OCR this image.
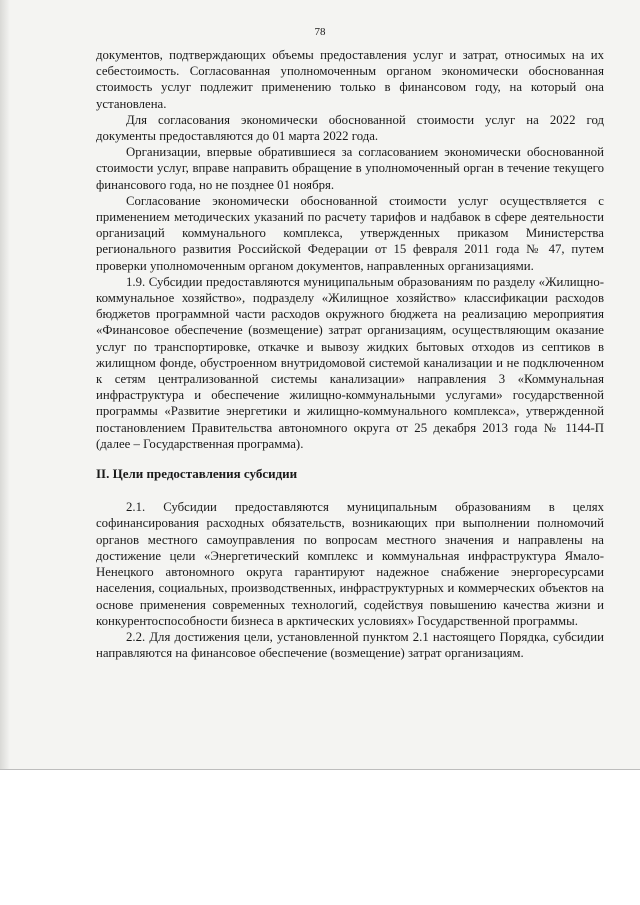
78

документов, подтверждающих объемы предоставления услуг и затрат, относимых на их себестоимость. Согласованная уполномоченным органом экономически обоснованная стоимость услуг подлежит применению только в финансовом году, на который она установлена.

Для согласования экономически обоснованной стоимости услуг на 2022 год документы предоставляются до 01 марта 2022 года.

Организации, впервые обратившиеся за согласованием экономически обоснованной стоимости услуг, вправе направить обращение в уполномоченный орган в течение текущего финансового года, но не позднее 01 ноября.

Согласование экономически обоснованной стоимости услуг осуществляется с применением методических указаний по расчету тарифов и надбавок в сфере деятельности организаций коммунального комплекса, утвержденных приказом Министерства регионального развития Российской Федерации от 15 февраля 2011 года № 47, путем проверки уполномоченным органом документов, направленных организациями.

1.9. Субсидии предоставляются муниципальным образованиям по разделу «Жилищно-коммунальное хозяйство», подразделу «Жилищное хозяйство» классификации расходов бюджетов программной части расходов окружного бюджета на реализацию мероприятия «Финансовое обеспечение (возмещение) затрат организациям, осуществляющим оказание услуг по транспортировке, откачке и вывозу жидких бытовых отходов из септиков в жилищном фонде, обустроенном внутридомовой системой канализации и не подключенном к сетям централизованной системы канализации» направления 3 «Коммунальная инфраструктура и обеспечение жилищно-коммунальными услугами» государственной программы «Развитие энергетики и жилищно-коммунального комплекса», утвержденной постановлением Правительства автономного округа от 25 декабря 2013 года № 1144-П (далее – Государственная программа).

II. Цели предоставления субсидии

2.1. Субсидии предоставляются муниципальным образованиям в целях софинансирования расходных обязательств, возникающих при выполнении полномочий органов местного самоуправления по вопросам местного значения и направлены на достижение цели «Энергетический комплекс и коммунальная инфраструктура Ямало-Ненецкого автономного округа гарантируют надежное снабжение энергоресурсами населения, социальных, производственных, инфраструктурных и коммерческих объектов на основе применения современных технологий, содействуя повышению качества жизни и конкурентоспособности бизнеса в арктических условиях» Государственной программы.

2.2. Для достижения цели, установленной пунктом 2.1 настоящего Порядка, субсидии направляются на финансовое обеспечение (возмещение) затрат организациям.
